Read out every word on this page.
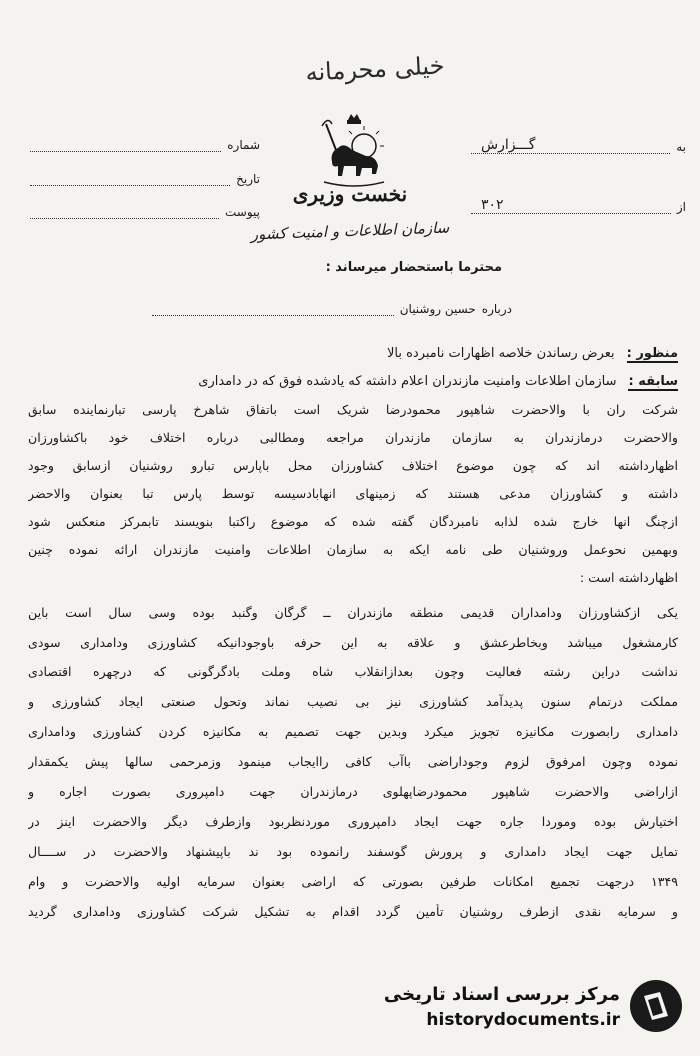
خیلی محرمانه
شماره
تاریخ
پیوست
به
گـــزارش
از
۳۰۲
نخست وزیری
سازمان اطلاعات و امنیت کشور
محترما باستحضار میرساند :
درباره
حسین روشنیان
منظور :
بعرض رساندن خلاصه اظهارات نامبرده بالا
سابقه :
سازمان اطلاعات وامنیت مازندران اعلام داشته که یادشده فوق که در دامداری
شرکت ران با والاحضرت شاهپور محمودرضا شریک است باتفاق شاهرخ پارسی تبارنماینده سابق
والاحضرت درمازندران به سازمان مازندران مراجعه ومطالبی درباره اختلاف خود باکشاورزان
اظهارداشته اند که چون موضوع اختلاف کشاورزان محل باپارس تبارو روشنیان ازسابق وجود
داشته و کشاورزان مدعی هستند که زمینهای انهابادسیسه توسط پارس تبا بعنوان والاحضر
ازچنگ انها خارج شده لذابه نامبردگان گفته شده که موضوع راکتبا بنویسند تابمرکز منعکس شود
وبهمین نحوعمل وروشنیان طی نامه ایکه به سازمان اطلاعات وامنیت مازندران ارائه نموده چنین
اظهارداشته است :
یکی ازکشاورزان ودامداران قدیمی منطقه مازندران ــ گرگان وگنبد بوده وسی سال است باین
کارمشغول میباشد وبخاطرعشق و علاقه به این حرفه باوجودانیکه کشاورزی ودامداری سودی
نداشت دراین رشته فعالیت وچون بعدازانقلاب شاه وملت بادگرگونی که درچهره اقتصادی
مملکت درتمام سنون پدیدآمد کشاورزی نیز بی نصیب نماند وتحول صنعتی ایجاد کشاورزی و
دامداری رابصورت مکانیزه تجویز میکرد وبدین جهت تصمیم به مکانیزه کردن کشاورزی ودامداری
نموده وچون امرفوق لزوم وجوداراضی باآب کافی راایجاب مینمود وزمرحمی سالها پیش یکمقدار
ازاراضی والاحضرت شاهپور محمودرضاپهلوی درمازندران جهت دامپروری بصورت اجاره و
اختیارش بوده وموردا جاره جهت ایجاد دامپروری موردنظربود وازطرف دیگر والاحضرت اینز در
تمایل جهت ایجاد دامداری و پرورش گوسفند رانموده بود ند باپیشنهاد والاحضرت در ســــال
۱۳۴۹ درجهت تجمیع امکانات طرفین بصورتی که اراضی بعنوان سرمایه اولیه والاحضرت و وام
و سرمایه نقدی ازطرف روشنیان تأمین گردد اقدام به تشکیل شرکت کشاورزی ودامداری گردید
مرکز بررسی اسناد تاریخی
historydocuments.ir
